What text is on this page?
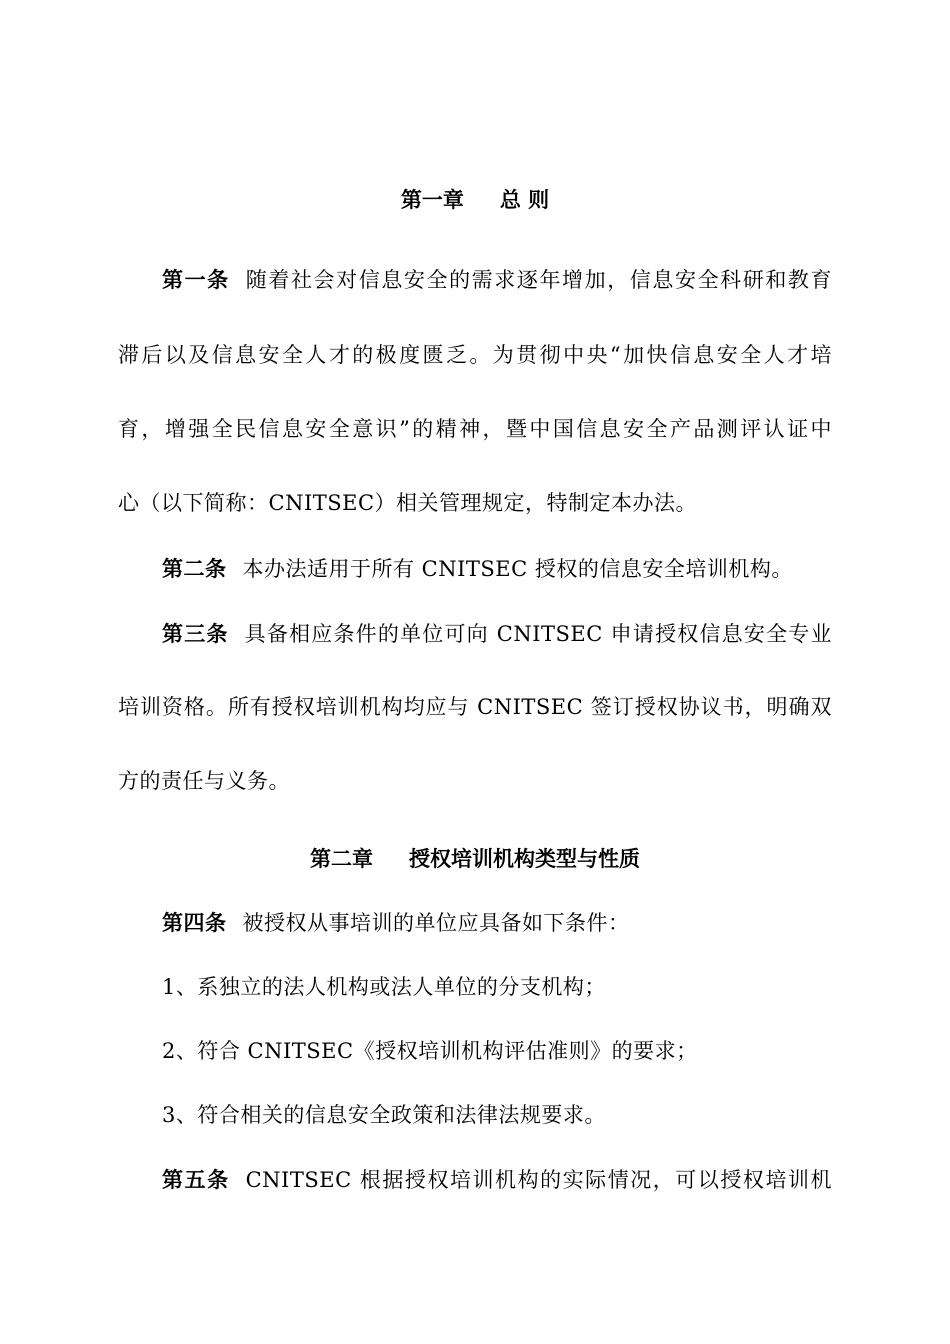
第一章 总 则
第一条 随着社会对信息安全的需求逐年增加，信息安全科研和教育
滞后以及信息安全人才的极度匮乏。为贯彻中央“加快信息安全人才培
育，增强全民信息安全意识”的精神，暨中国信息安全产品测评认证中
心（以下简称：CNITSEC）相关管理规定，特制定本办法。
第二条 本办法适用于所有 CNITSEC 授权的信息安全培训机构。
第三条 具备相应条件的单位可向 CNITSEC 申请授权信息安全专业
培训资格。所有授权培训机构均应与 CNITSEC 签订授权协议书，明确双
方的责任与义务。
第二章 授权培训机构类型与性质
第四条 被授权从事培训的单位应具备如下条件：
1、系独立的法人机构或法人单位的分支机构；
2、符合 CNITSEC《授权培训机构评估准则》的要求；
3、符合相关的信息安全政策和法律法规要求。
第五条 CNITSEC 根据授权培训机构的实际情况，可以授权培训机
